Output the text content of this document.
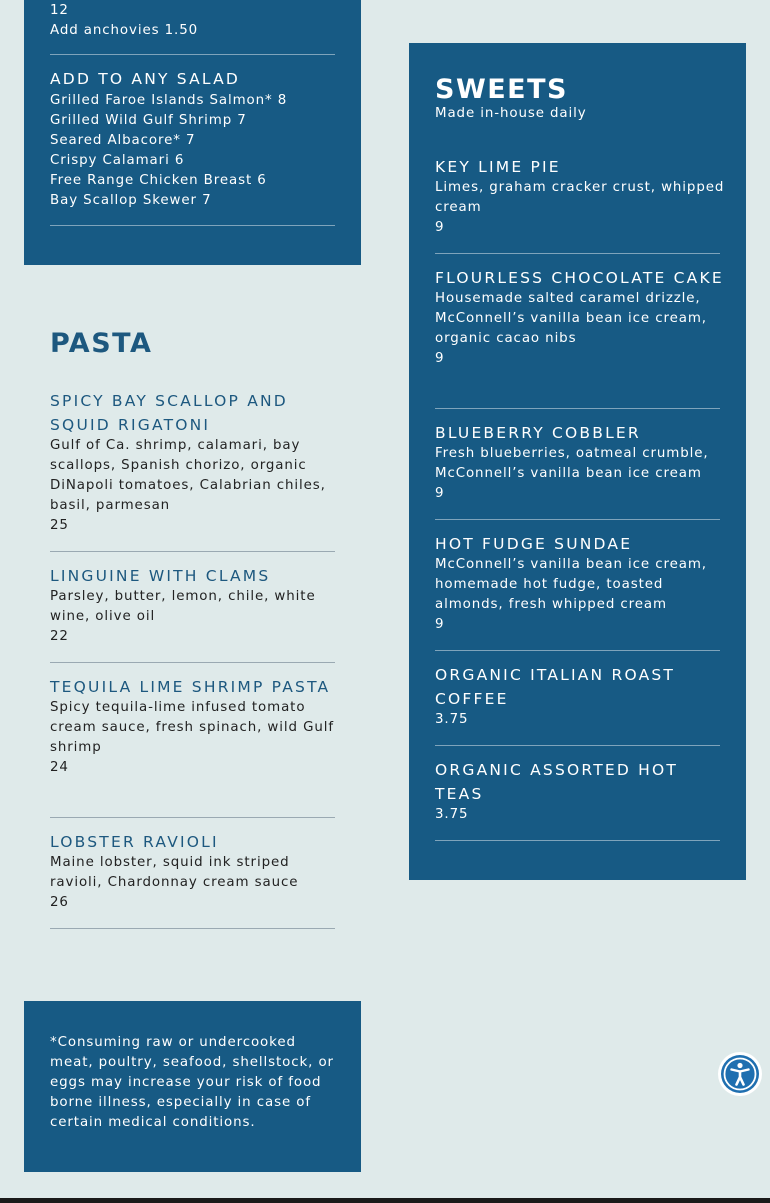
12
Add anchovies 1.50
ADD TO ANY SALAD
Grilled Faroe Islands Salmon* 8
Grilled Wild Gulf Shrimp 7
Seared Albacore* 7
Crispy Calamari 6
Free Range Chicken Breast 6
Bay Scallop Skewer 7
PASTA
SPICY BAY SCALLOP AND SQUID RIGATONI
Gulf of Ca. shrimp, calamari, bay scallops, Spanish chorizo, organic DiNapoli tomatoes, Calabrian chiles, basil, parmesan
25
LINGUINE WITH CLAMS
Parsley, butter, lemon, chile, white wine, olive oil
22
TEQUILA LIME SHRIMP PASTA
Spicy tequila-lime infused tomato cream sauce, fresh spinach, wild Gulf shrimp
24
LOBSTER RAVIOLI
Maine lobster, squid ink striped ravioli, Chardonnay cream sauce
26
SWEETS
Made in-house daily
KEY LIME PIE
Limes, graham cracker crust, whipped cream
9
FLOURLESS CHOCOLATE CAKE
Housemade salted caramel drizzle, McConnell’s vanilla bean ice cream, organic cacao nibs
9
BLUEBERRY COBBLER
Fresh blueberries, oatmeal crumble, McConnell’s vanilla bean ice cream
9
HOT FUDGE SUNDAE
McConnell’s vanilla bean ice cream, homemade hot fudge, toasted almonds, fresh whipped cream
9
ORGANIC ITALIAN ROAST COFFEE
3.75
ORGANIC ASSORTED HOT TEAS
3.75
*Consuming raw or undercooked meat, poultry, seafood, shellstock, or eggs may increase your risk of food borne illness, especially in case of certain medical conditions.
